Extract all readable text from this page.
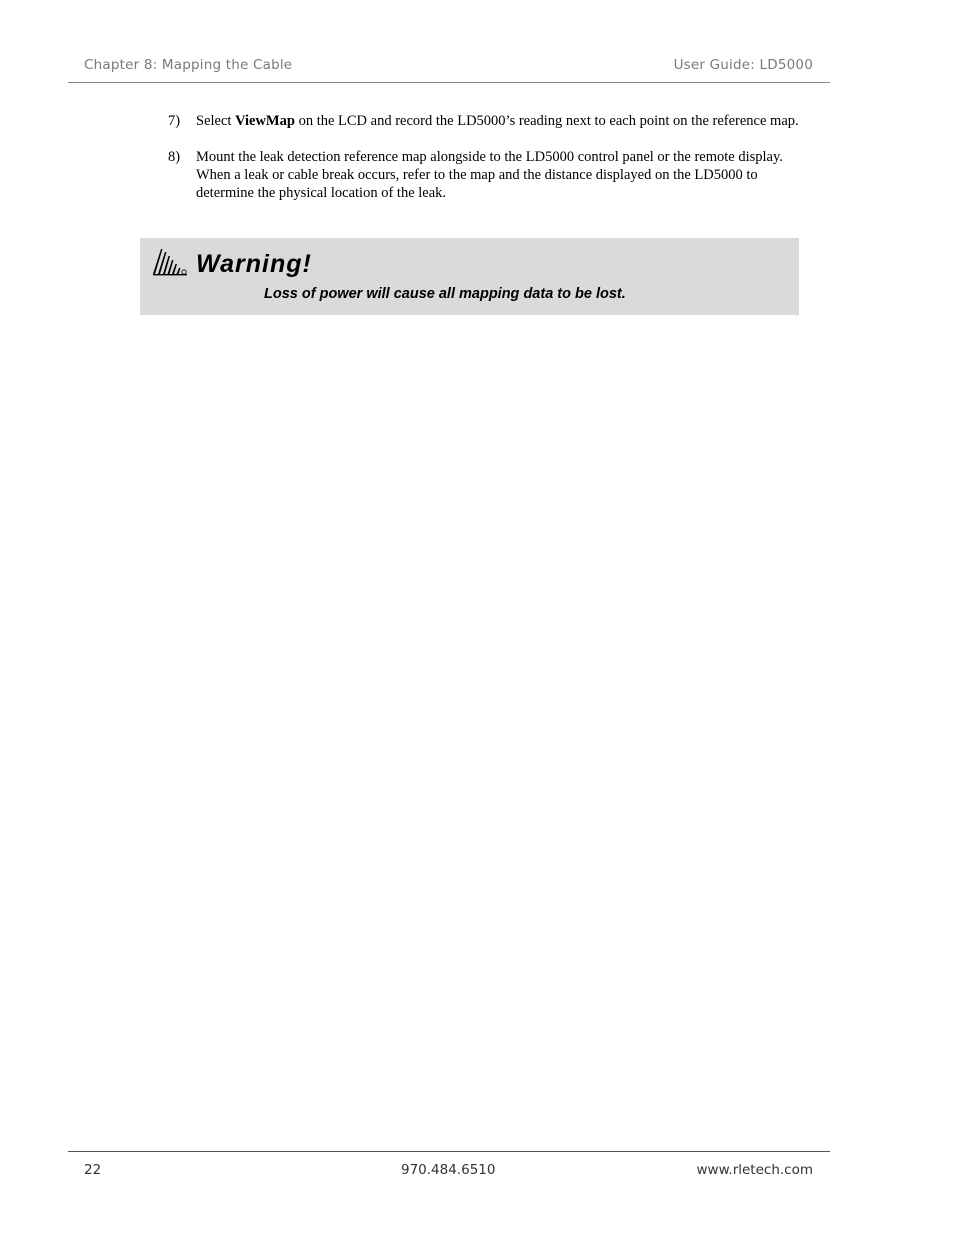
Chapter 8: Mapping the Cable	User Guide: LD5000
7) Select ViewMap on the LCD and record the LD5000’s reading next to each point on the reference map.
8) Mount the leak detection reference map alongside to the LD5000 control panel or the remote display. When a leak or cable break occurs, refer to the map and the distance displayed on the LD5000 to determine the physical location of the leak.
Warning!
Loss of power will cause all mapping data to be lost.
22	970.484.6510	www.rletech.com
